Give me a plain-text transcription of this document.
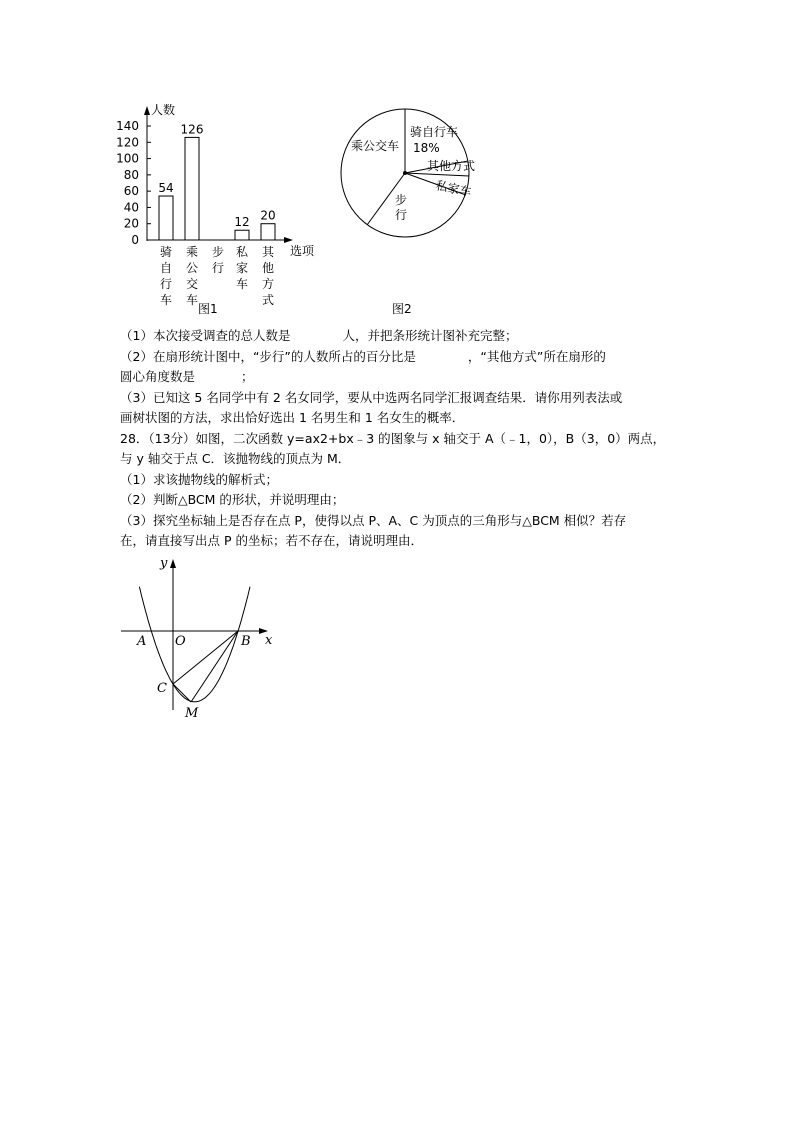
人数
选项
140
120
100
80
60
40
20
0
54
126
12 20
骑
自
行
车
乘
公
交
车
步
行
私
家
车
其
他
方
式
图1
乘公交车
骑自行车
18%
其他方式
私家车
步
行
图2

（1）本次接受调查的总人数是	人，并把条形统计图补充完整；

（2）在扇形统计图中，“步行”的人数所占的百分比是	，“其他方式”所在扇形的

圆心角度数是	；

（3）已知这 5 名同学中有 2 名女同学，要从中选两名同学汇报调查结果．请你用列表法或

画树状图的方法，求出恰好选出 1 名男生和 1 名女生的概率．

28．（13分）如图，二次函数 y=ax2+bx﹣3 的图象与 x 轴交于 A（﹣1，0），B（3，0）两点，

与 y 轴交于点 C．该抛物线的顶点为 M．

（1）求该抛物线的解析式；

（2）判断△BCM 的形状，并说明理由；

（3）探究坐标轴上是否存在点 P，使得以点 P、A、C 为顶点的三角形与△BCM 相似？若存

在，请直接写出点 P 的坐标；若不存在，请说明理由．

y
x
A O	B
C
M
